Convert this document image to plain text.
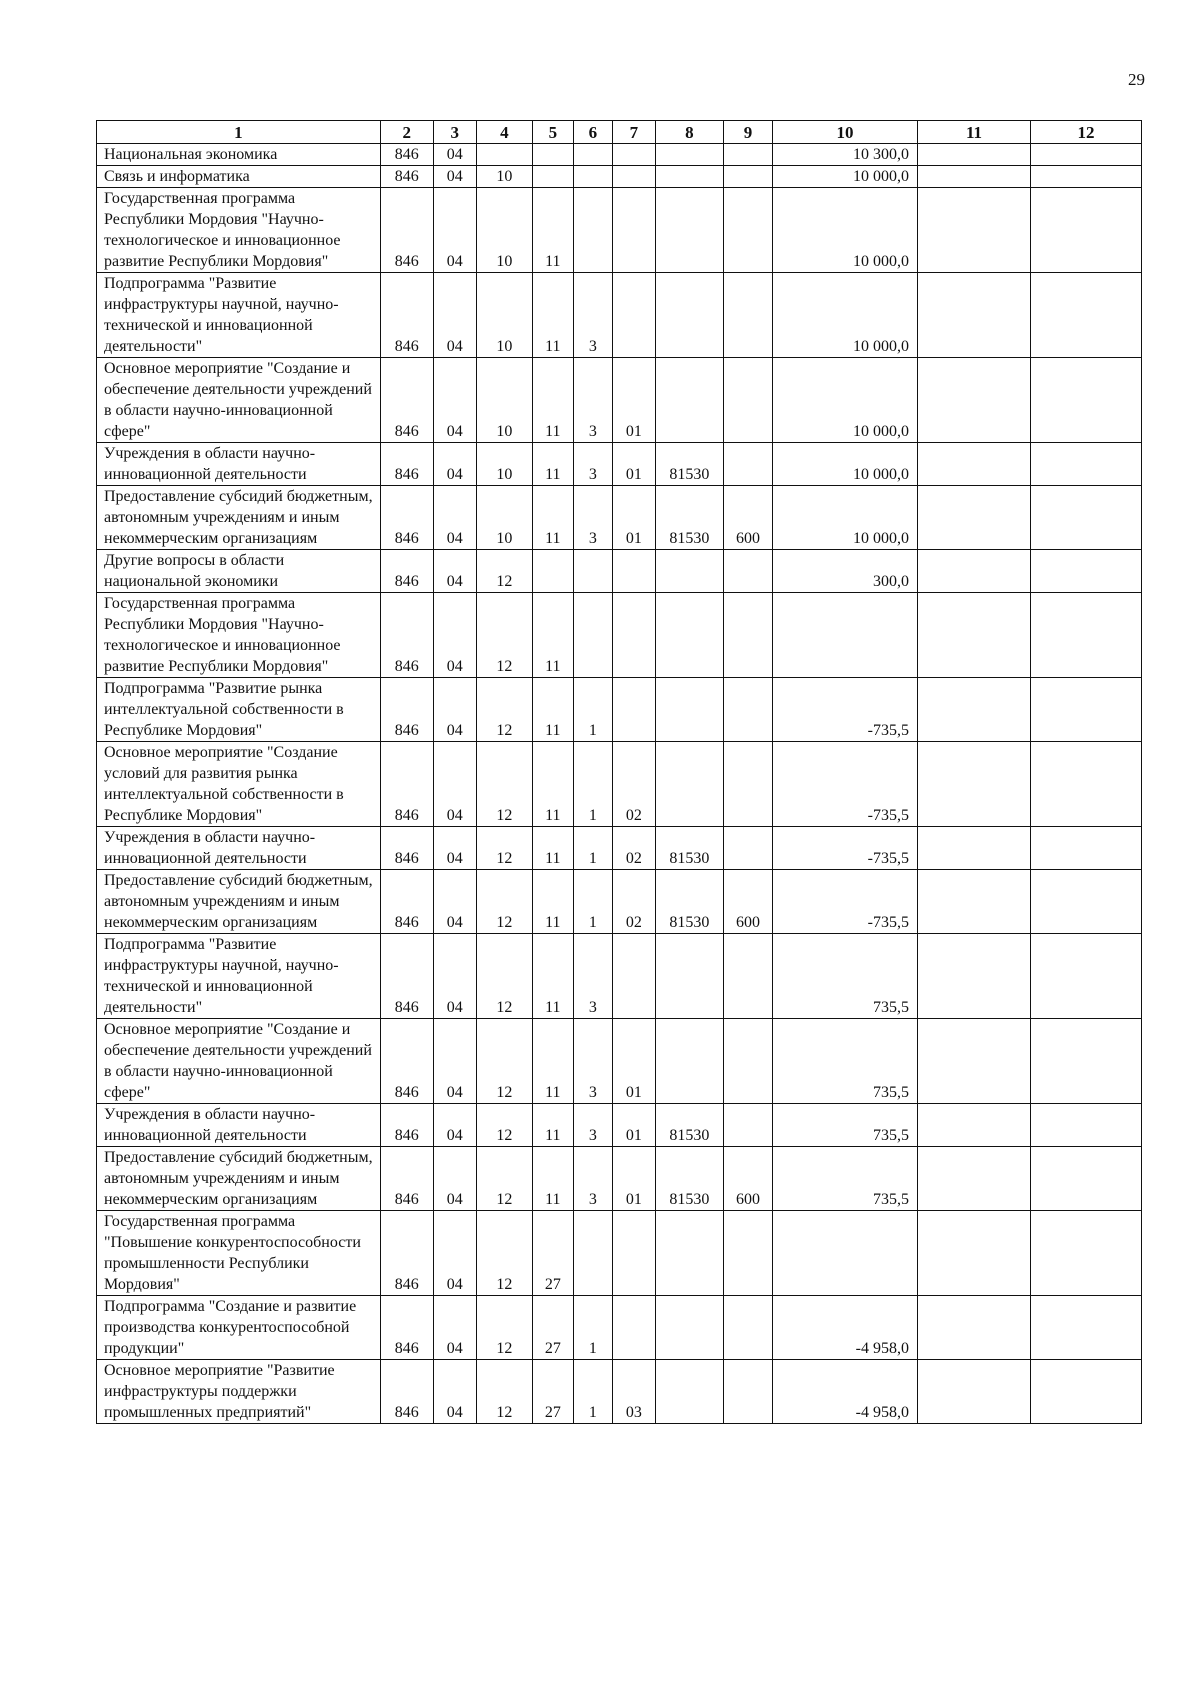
29
1	2	3	4	5	6	7	8	9	10	11	12
Национальная экономика	846	04							10 300,0		
Связь и информатика	846	04	10						10 000,0		
Государственная программа Республики Мордовия "Научно-технологическое и инновационное развитие Республики Мордовия"	846	04	10	11					10 000,0		
Подпрограмма "Развитие инфраструктуры научной, научно-технической и инновационной деятельности"	846	04	10	11	3				10 000,0		
Основное мероприятие "Создание и обеспечение деятельности учреждений в области научно-инновационной сфере"	846	04	10	11	3	01			10 000,0		
Учреждения в области научно-инновационной деятельности	846	04	10	11	3	01	81530		10 000,0		
Предоставление субсидий бюджетным, автономным учреждениям и иным некоммерческим организациям	846	04	10	11	3	01	81530	600	10 000,0		
Другие вопросы в области национальной экономики	846	04	12						300,0		
Государственная программа Республики Мордовия "Научно-технологическое и инновационное развитие Республики Мордовия"	846	04	12	11							
Подпрограмма "Развитие рынка интеллектуальной собственности в Республике Мордовия"	846	04	12	11	1				-735,5		
Основное мероприятие "Создание условий для развития рынка интеллектуальной собственности в Республике Мордовия"	846	04	12	11	1	02			-735,5		
Учреждения в области научно-инновационной деятельности	846	04	12	11	1	02	81530		-735,5		
Предоставление субсидий бюджетным, автономным учреждениям и иным некоммерческим организациям	846	04	12	11	1	02	81530	600	-735,5		
Подпрограмма "Развитие инфраструктуры научной, научно-технической и инновационной деятельности"	846	04	12	11	3				735,5		
Основное мероприятие "Создание и обеспечение деятельности учреждений в области научно-инновационной сфере"	846	04	12	11	3	01			735,5		
Учреждения в области научно-инновационной деятельности	846	04	12	11	3	01	81530		735,5		
Предоставление субсидий бюджетным, автономным учреждениям и иным некоммерческим организациям	846	04	12	11	3	01	81530	600	735,5		
Государственная программа "Повышение конкурентоспособности промышленности Республики Мордовия"	846	04	12	27							
Подпрограмма "Создание и развитие производства конкурентоспособной продукции"	846	04	12	27	1				-4 958,0		
Основное мероприятие "Развитие инфраструктуры поддержки промышленных предприятий"	846	04	12	27	1	03			-4 958,0		
